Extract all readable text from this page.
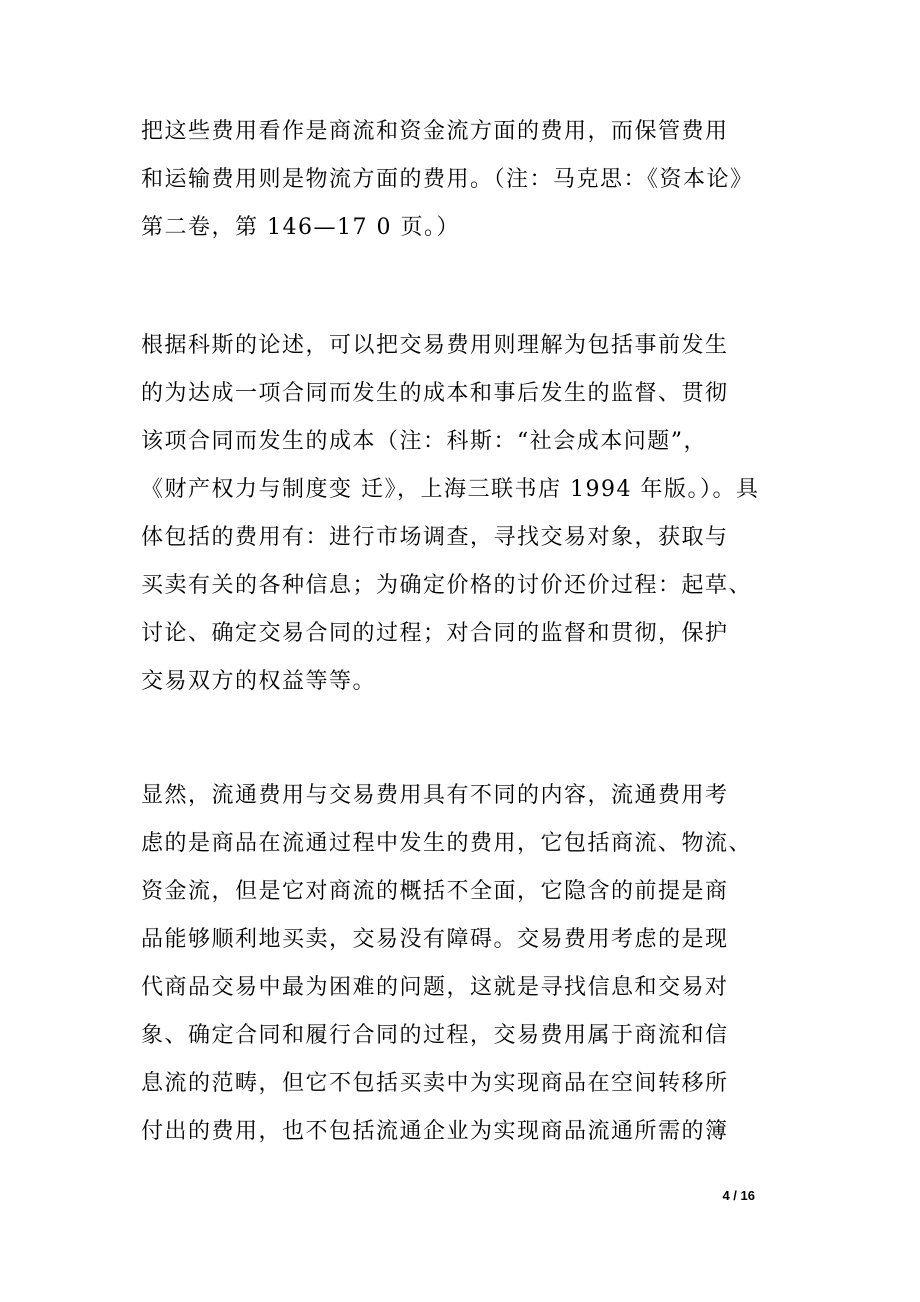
把这些费用看作是商流和资金流方面的费用，而保管费用
和运输费用则是物流方面的费用。（注：马克思：《资本论》
第二卷，第 146—17 0 页。）
根据科斯的论述，可以把交易费用则理解为包括事前发生
的为达成一项合同而发生的成本和事后发生的监督、贯彻
该项合同而发生的成本（注：科斯：“社会成本问题”，
《财产权力与制度变 迁》，上海三联书店 1994 年版。）。具
体包括的费用有：进行市场调查，寻找交易对象，获取与
买卖有关的各种信息；为确定价格的讨价还价过程：起草、
讨论、确定交易合同的过程；对合同的监督和贯彻，保护
交易双方的权益等等。
显然，流通费用与交易费用具有不同的内容，流通费用考
虑的是商品在流通过程中发生的费用，它包括商流、物流、
资金流，但是它对商流的概括不全面，它隐含的前提是商
品能够顺利地买卖，交易没有障碍。交易费用考虑的是现
代商品交易中最为困难的问题，这就是寻找信息和交易对
象、确定合同和履行合同的过程，交易费用属于商流和信
息流的范畴，但它不包括买卖中为实现商品在空间转移所
付出的费用，也不包括流通企业为实现商品流通所需的簿
4 / 16
